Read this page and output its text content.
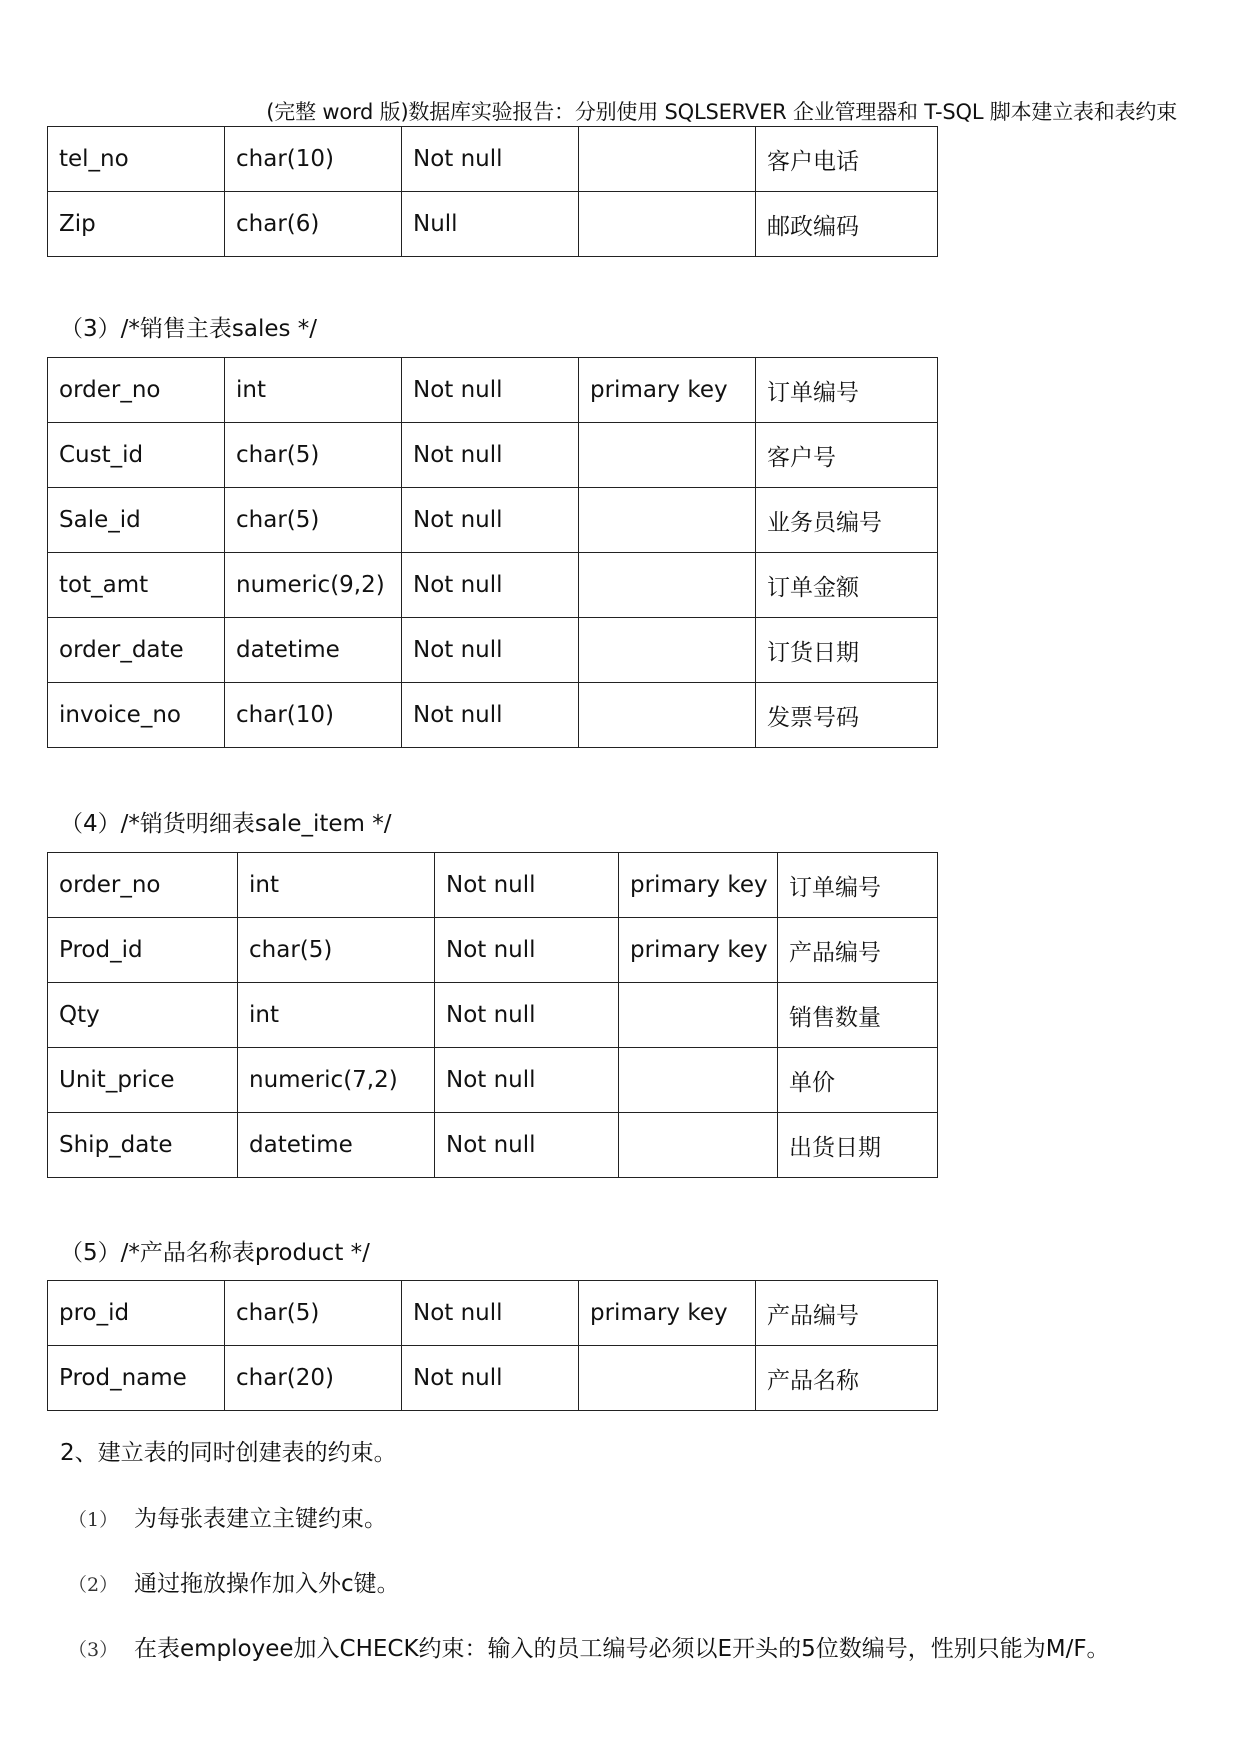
(完整 word 版)数据库实验报告：分别使用 SQLSERVER 企业管理器和 T-SQL 脚本建立表和表约束
tel_no	char(10)	Not null		客户电话
Zip	char(6)	Null		邮政编码
（3）/*销售主表sales */
order_no	int	Not null	primary key	订单编号
Cust_id	char(5)	Not null		客户号
Sale_id	char(5)	Not null		业务员编号
tot_amt	numeric(9,2)	Not null		订单金额
order_date	datetime	Not null		订货日期
invoice_no	char(10)	Not null		发票号码
（4）/*销货明细表sale_item */
order_no	int	Not null	primary key	订单编号
Prod_id	char(5)	Not null	primary key	产品编号
Qty	int	Not null		销售数量
Unit_price	numeric(7,2)	Not null		单价
Ship_date	datetime	Not null		出货日期
（5）/*产品名称表product */
pro_id	char(5)	Not null	primary key	产品编号
Prod_name	char(20)	Not null		产品名称
2、建立表的同时创建表的约束。
（1） 为每张表建立主键约束。
（2） 通过拖放操作加入外c键。
（3） 在表employee加入CHECK约束：输入的员工编号必须以E开头的5位数编号，性别只能为M/F。
